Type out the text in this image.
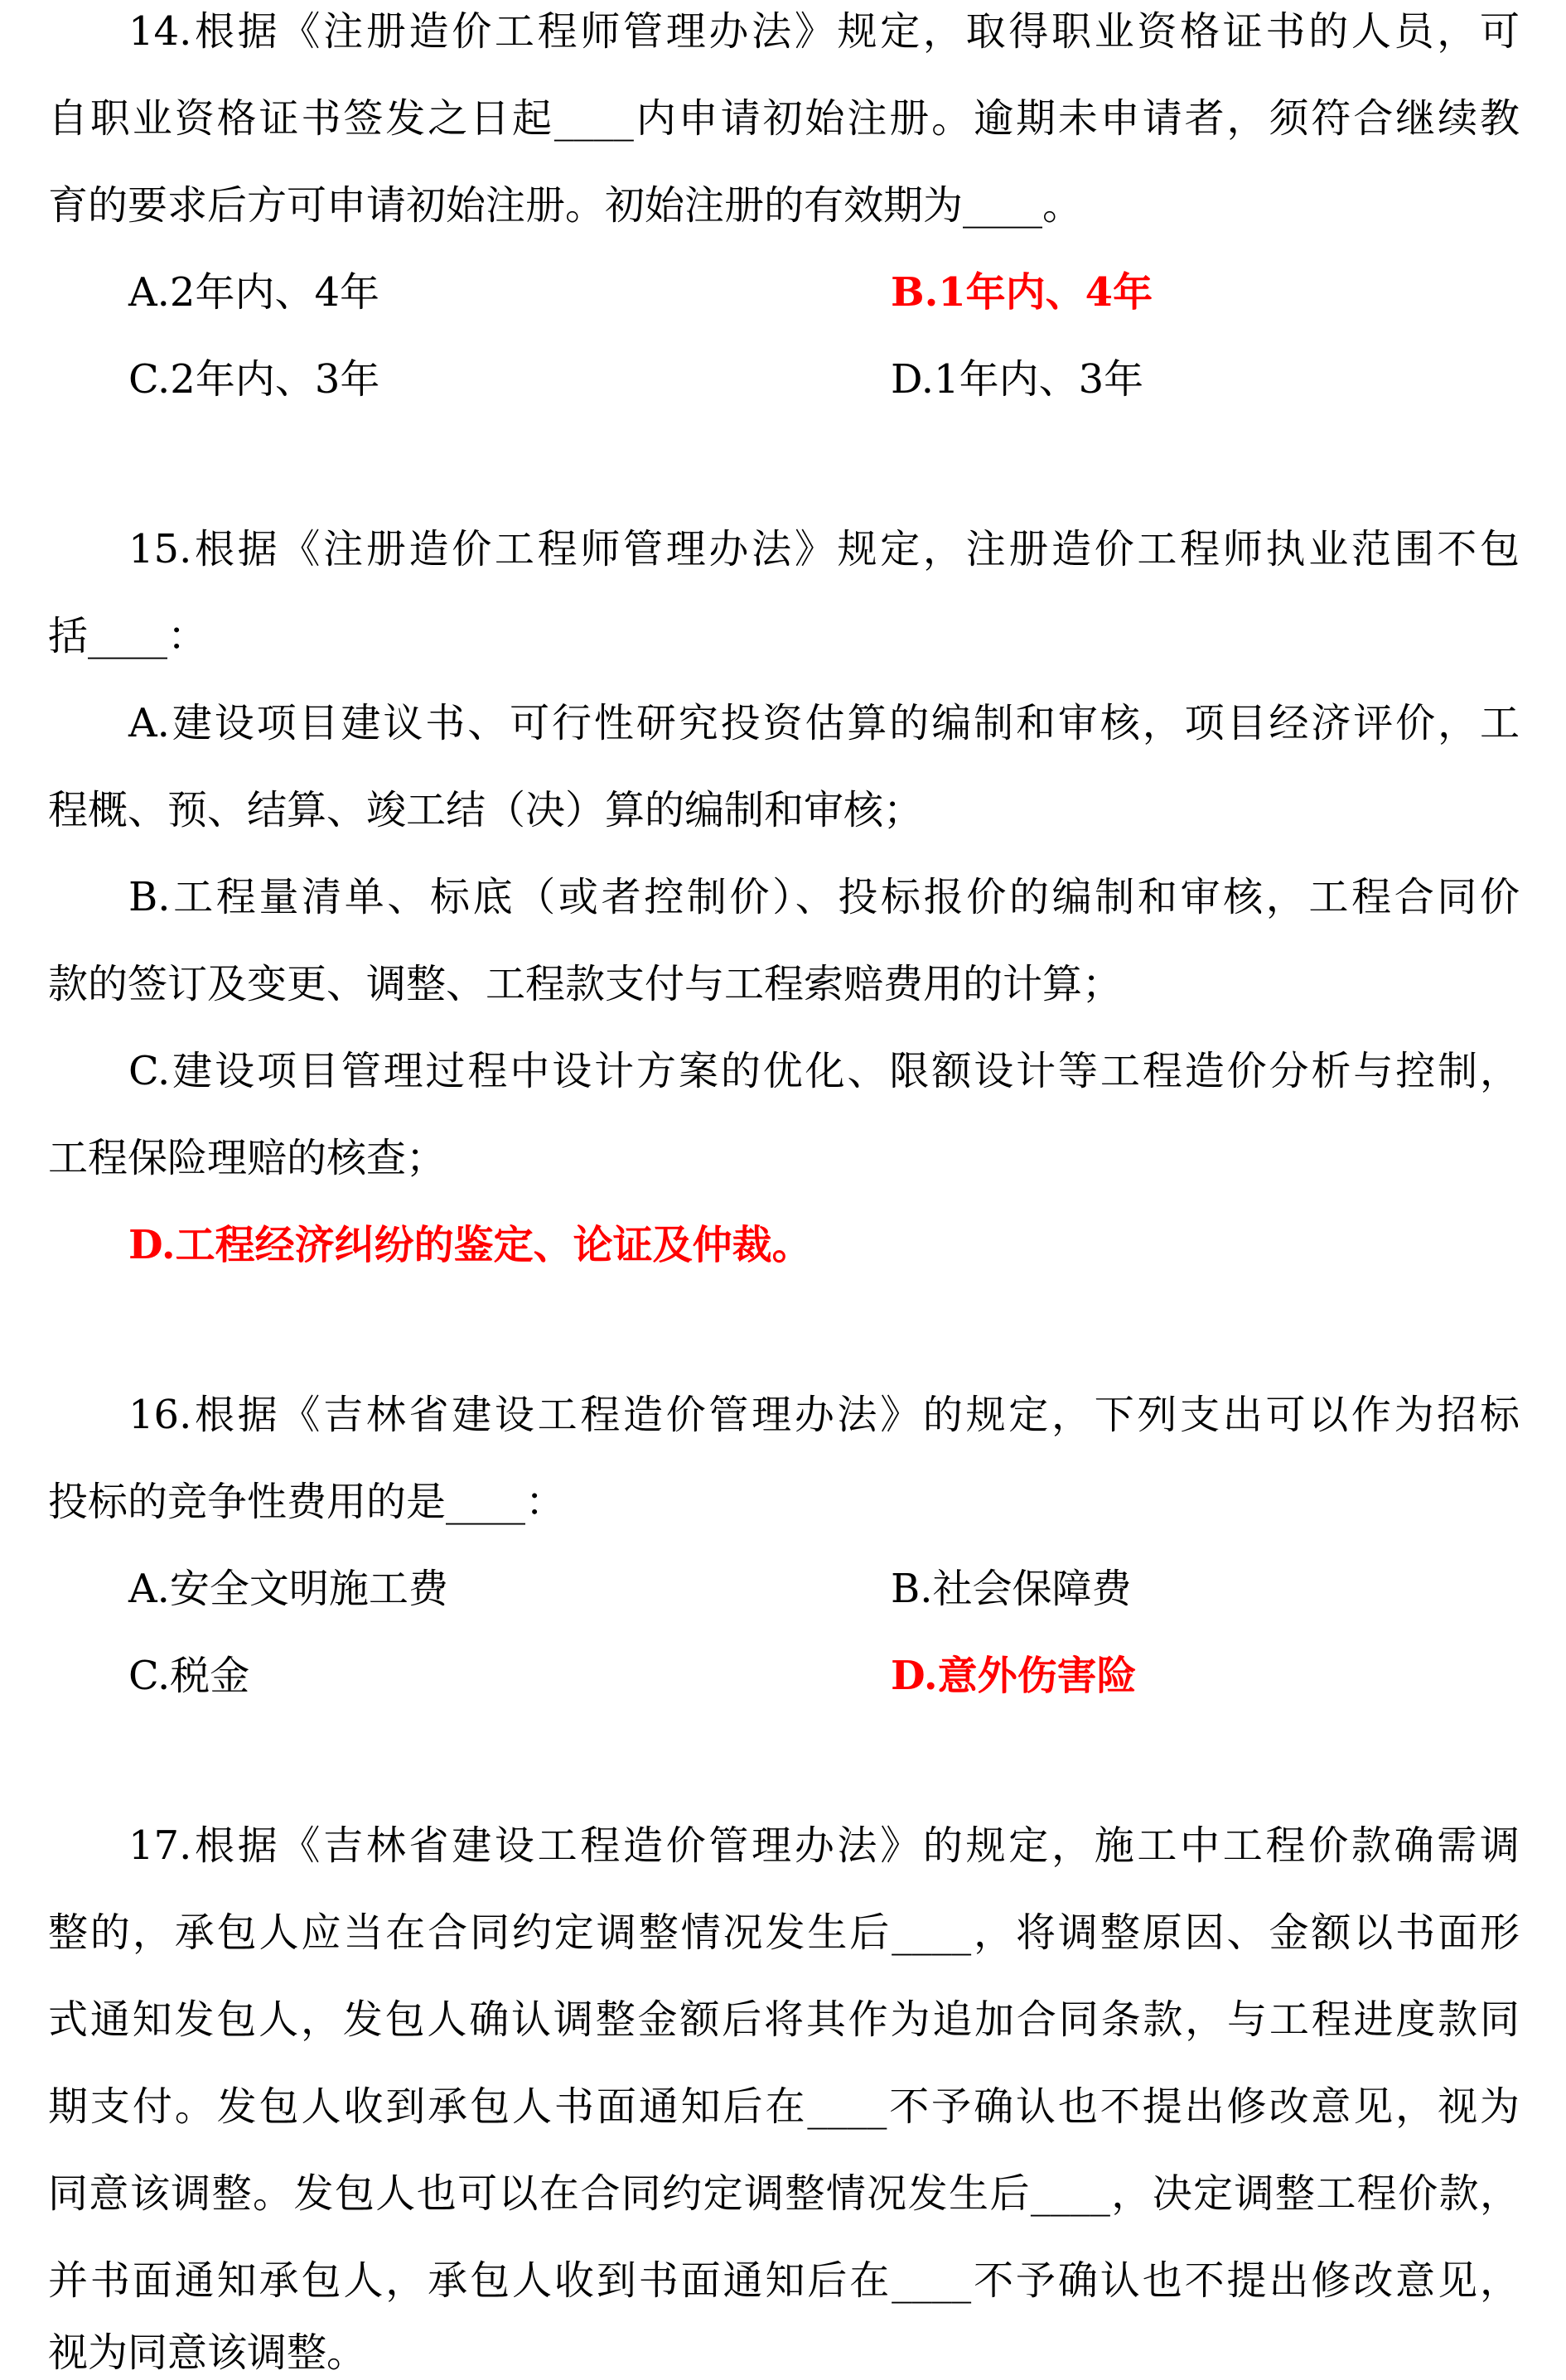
14.根据《注册造价工程师管理办法》规定，取得职业资格证书的人员，可
自职业资格证书签发之日起____内申请初始注册。逾期未申请者，须符合继续教
育的要求后方可申请初始注册。初始注册的有效期为____。
A.2年内、4年	B.1年内、4年
C.2年内、3年	D.1年内、3年
15.根据《注册造价工程师管理办法》规定，注册造价工程师执业范围不包
括____：
A.建设项目建议书、可行性研究投资估算的编制和审核，项目经济评价，工
程概、预、结算、竣工结（决）算的编制和审核；
B.工程量清单、标底（或者控制价）、投标报价的编制和审核，工程合同价
款的签订及变更、调整、工程款支付与工程索赔费用的计算；
C.建设项目管理过程中设计方案的优化、限额设计等工程造价分析与控制，
工程保险理赔的核查；
D.工程经济纠纷的鉴定、论证及仲裁。
16.根据《吉林省建设工程造价管理办法》的规定，下列支出可以作为招标
投标的竞争性费用的是____：
A.安全文明施工费	B.社会保障费
C.税金	D.意外伤害险
17.根据《吉林省建设工程造价管理办法》的规定，施工中工程价款确需调
整的，承包人应当在合同约定调整情况发生后____，将调整原因、金额以书面形
式通知发包人，发包人确认调整金额后将其作为追加合同条款，与工程进度款同
期支付。发包人收到承包人书面通知后在____不予确认也不提出修改意见，视为
同意该调整。发包人也可以在合同约定调整情况发生后____，决定调整工程价款，
并书面通知承包人，承包人收到书面通知后在____不予确认也不提出修改意见，
视为同意该调整。
